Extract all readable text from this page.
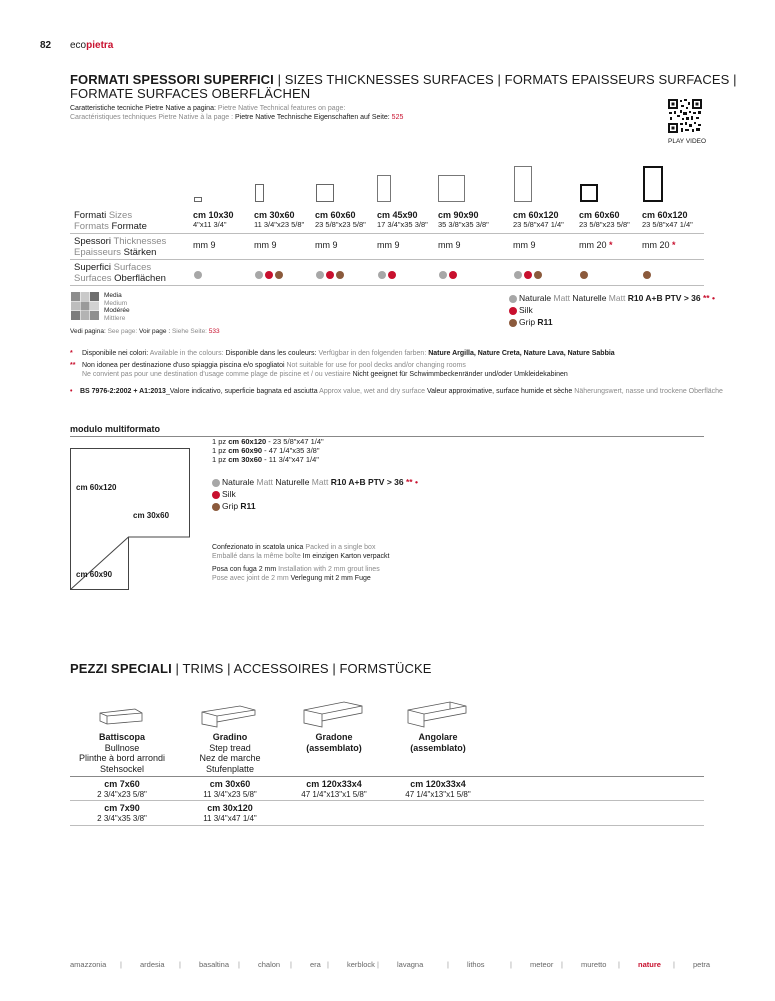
82 ecopietra
FORMATI SPESSORI SUPERFICI | SIZES THICKNESSES SURFACES | FORMATS EPAISSEURS SURFACES |
FORMATE SURFACES OBERFLÄCHEN
Caratteristiche tecniche Pietre Native a pagina: Pietre Native Technical features on page:
Caractéristiques techniques Pietre Native à la page : Pietre Native Technische Eigenschaften auf Seite: 525
PLAY VIDEO
Formati Sizes
Formats Formate
Spessori Thicknesses
Epaisseurs Stärken
Superfici Surfaces
Surfaces Oberflächen
cm 10x30
4"x11 3/4"
mm 9
cm 30x60
11 3/4"x23 5/8"
mm 9
cm 60x60
23 5/8"x23 5/8"
mm 9
cm 45x90
17 3/4"x35 3/8"
mm 9
cm 90x90
35 3/8"x35 3/8"
mm 9
cm 60x120
23 5/8"x47 1/4"
mm 9
cm 60x60
23 5/8"x23 5/8"
mm 20 *
cm 60x120
23 5/8"x47 1/4"
mm 20 *
Media
Medium
Modérée
Mittlere
Vedi pagina: See page: Voir page : Siehe Seite: 533
Naturale Matt Naturelle Matt R10 A+B PTV > 36 ** •
Silk
Grip R11
* Disponibile nei colori: Available in the colours: Disponible dans les couleurs: Verfügbar in den folgenden farben: Nature Argilla, Nature Creta, Nature Lava, Nature Sabbia
** Non idonea per destinazione d'uso spiaggia piscina e/o spogliatoi Not suitable for use for pool decks and/or changing rooms
Ne convient pas pour une destination d'usage comme plage de piscine et / ou vestiaire Nicht geeignet für Schwimmbeckenränder und/oder Umkleidekabinen
• BS 7976-2:2002 + A1:2013_Valore indicativo, superficie bagnata ed asciutta Approx value, wet and dry surface Valeur approximative, surface humide et sèche Näherungswert, nasse und trockene Oberfläche
modulo multiformato
cm 60x120
cm 30x60
cm 60x90
1 pz cm 60x120 - 23 5/8"x47 1/4"
1 pz cm 60x90 - 47 1/4"x35 3/8"
1 pz cm 30x60 - 11 3/4"x47 1/4"
Naturale Matt Naturelle Matt R10 A+B PTV > 36 ** •
Silk
Grip R11
Confezionato in scatola unica Packed in a single box
Emballé dans la même boîte Im einzigen Karton verpackt
Posa con fuga 2 mm Installation with 2 mm grout lines
Pose avec joint de 2 mm Verlegung mit 2 mm Fuge
PEZZI SPECIALI | TRIMS | ACCESSOIRES | FORMSTÜCKE
Battiscopa
Bullnose
Plinthe à bord arrondi
Stehsockel
Gradino
Step tread
Nez de marche
Stufenplatte
Gradone
(assemblato)
Angolare
(assemblato)
cm 7x60
2 3/4"x23 5/8"
cm 30x60
11 3/4"x23 5/8"
cm 120x33x4
47 1/4"x13"x1 5/8"
cm 120x33x4
47 1/4"x13"x1 5/8"
cm 7x90
2 3/4"x35 3/8"
cm 30x120
11 3/4"x47 1/4"
amazzonia | ardesia | basaltina | chalon | era | kerblock | lavagna	| lithos	| meteor | muretto | nature | petra
